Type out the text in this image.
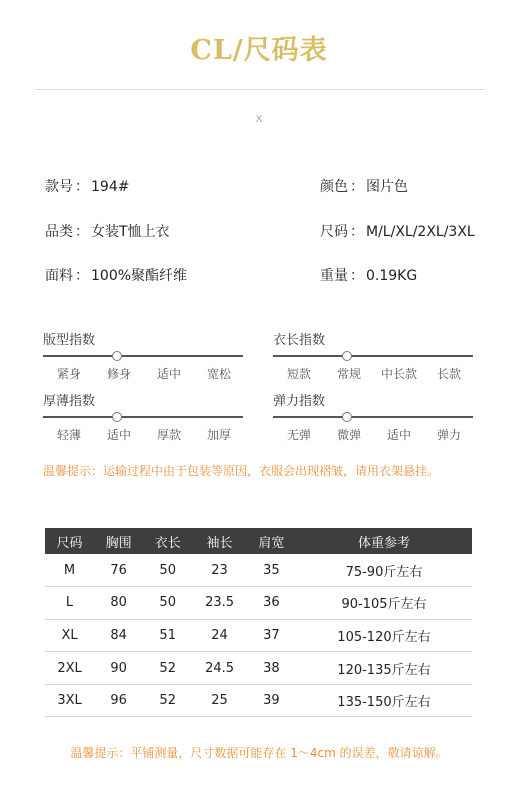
CL/尺码表
X
款号 ： 194#
品类 ： 女装T恤上衣
面料 ： 100%聚酯纤维
颜色 ： 图片色
尺码 ： M/L/XL/2XL/3XL
重量 ： 0.19KG
版型指数
紧身 修身 适中 宽松
衣长指数
短款 常规 中长款 长款
厚薄指数
轻薄 适中 厚款 加厚
弹力指数
无弹 微弹 适中 弹力
温馨提示：运输过程中由于包装等原因，衣服会出现褶皱，请用衣架悬挂。
尺码	胸围	衣长	袖长	肩宽	体重参考
M	76	50	23	35	75-90斤左右
L	80	50	23.5	36	90-105斤左右
XL	84	51	24	37	105-120斤左右
2XL	90	52	24.5	38	120-135斤左右
3XL	96	52	25	39	135-150斤左右
温馨提示：平铺测量，尺寸数据可能存在 1～4cm 的误差，敬请谅解。
